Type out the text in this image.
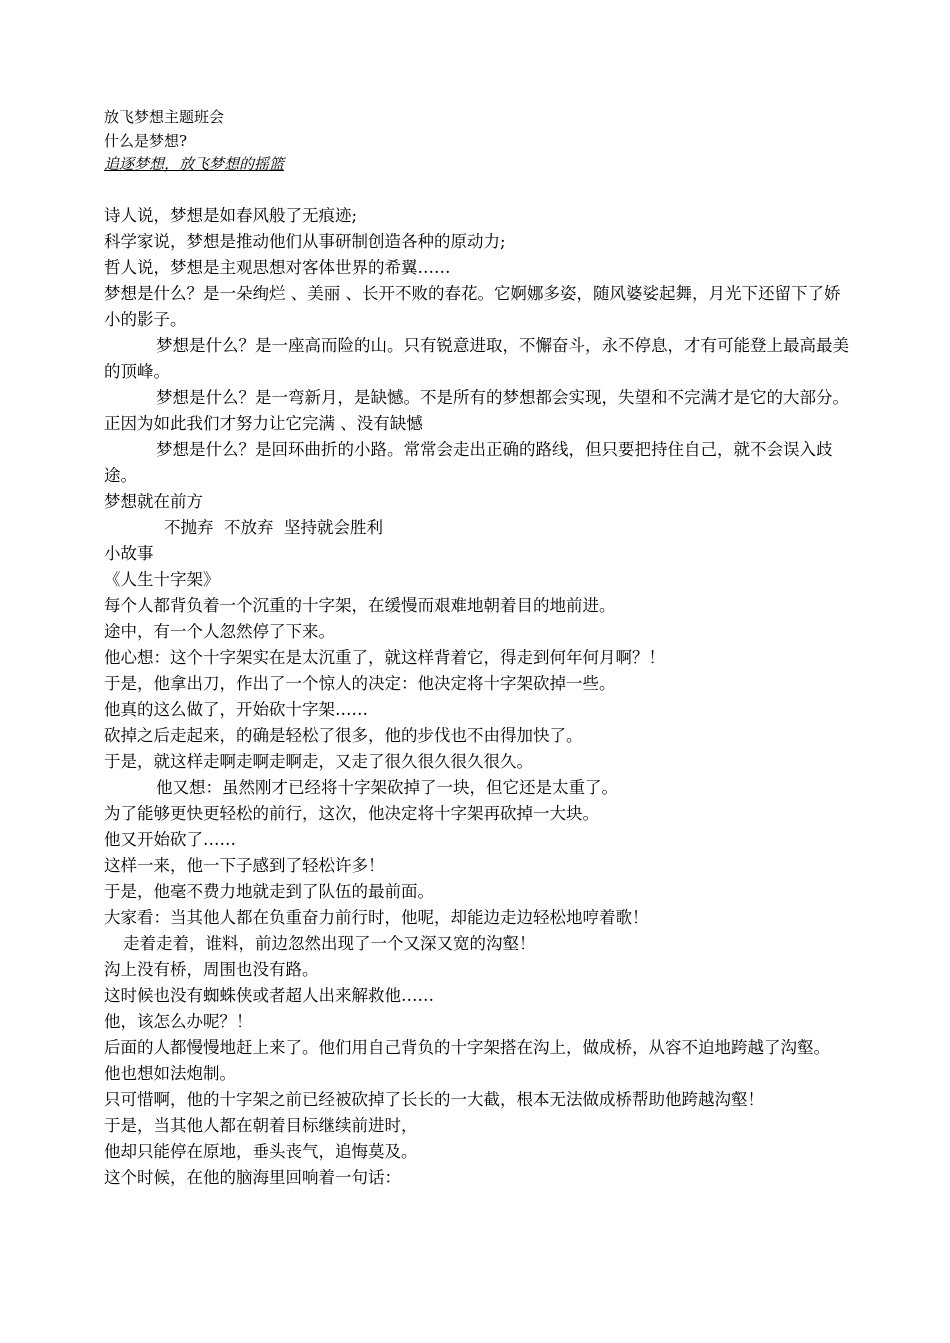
放飞梦想主题班会
什么是梦想?
追逐梦想，放飞梦想的摇篮
诗人说，梦想是如春风般了无痕迹;
科学家说，梦想是推动他们从事研制创造各种的原动力;
哲人说，梦想是主观思想对客体世界的希翼……
梦想是什么？是一朵绚烂 、美丽 、长开不败的春花。它婀娜多姿，随风婆娑起舞，月光下还留下了娇小的影子。
梦想是什么？是一座高而险的山。只有锐意进取，不懈奋斗，永不停息，才有可能登上最高最美的顶峰。
梦想是什么？是一弯新月，是缺憾。不是所有的梦想都会实现，失望和不完满才是它的大部分。正因为如此我们才努力让它完满 、没有缺憾
梦想是什么？是回环曲折的小路。常常会走出正确的路线，但只要把持住自己，就不会误入歧途。
梦想就在前方
不抛弃  不放弃  坚持就会胜利
小故事
《人生十字架》
每个人都背负着一个沉重的十字架，在缓慢而艰难地朝着目的地前进。
途中，有一个人忽然停了下来。
他心想：这个十字架实在是太沉重了，就这样背着它，得走到何年何月啊？！
于是，他拿出刀，作出了一个惊人的决定：他决定将十字架砍掉一些。
他真的这么做了，开始砍十字架……
砍掉之后走起来，的确是轻松了很多，他的步伐也不由得加快了。
于是，就这样走啊走啊走啊走，又走了很久很久很久很久。
他又想：虽然刚才已经将十字架砍掉了一块，但它还是太重了。
为了能够更快更轻松的前行，这次，他决定将十字架再砍掉一大块。
他又开始砍了……
这样一来，他一下子感到了轻松许多！
于是，他毫不费力地就走到了队伍的最前面。
大家看：当其他人都在负重奋力前行时，他呢，却能边走边轻松地哼着歌！
走着走着，谁料，前边忽然出现了一个又深又宽的沟壑！
沟上没有桥，周围也没有路。
这时候也没有蜘蛛侠或者超人出来解救他……
他，该怎么办呢？！
后面的人都慢慢地赶上来了。他们用自己背负的十字架搭在沟上，做成桥，从容不迫地跨越了沟壑。
他也想如法炮制。
只可惜啊，他的十字架之前已经被砍掉了长长的一大截，根本无法做成桥帮助他跨越沟壑！
于是，当其他人都在朝着目标继续前进时，
他却只能停在原地，垂头丧气，追悔莫及。
这个时候，在他的脑海里回响着一句话：
